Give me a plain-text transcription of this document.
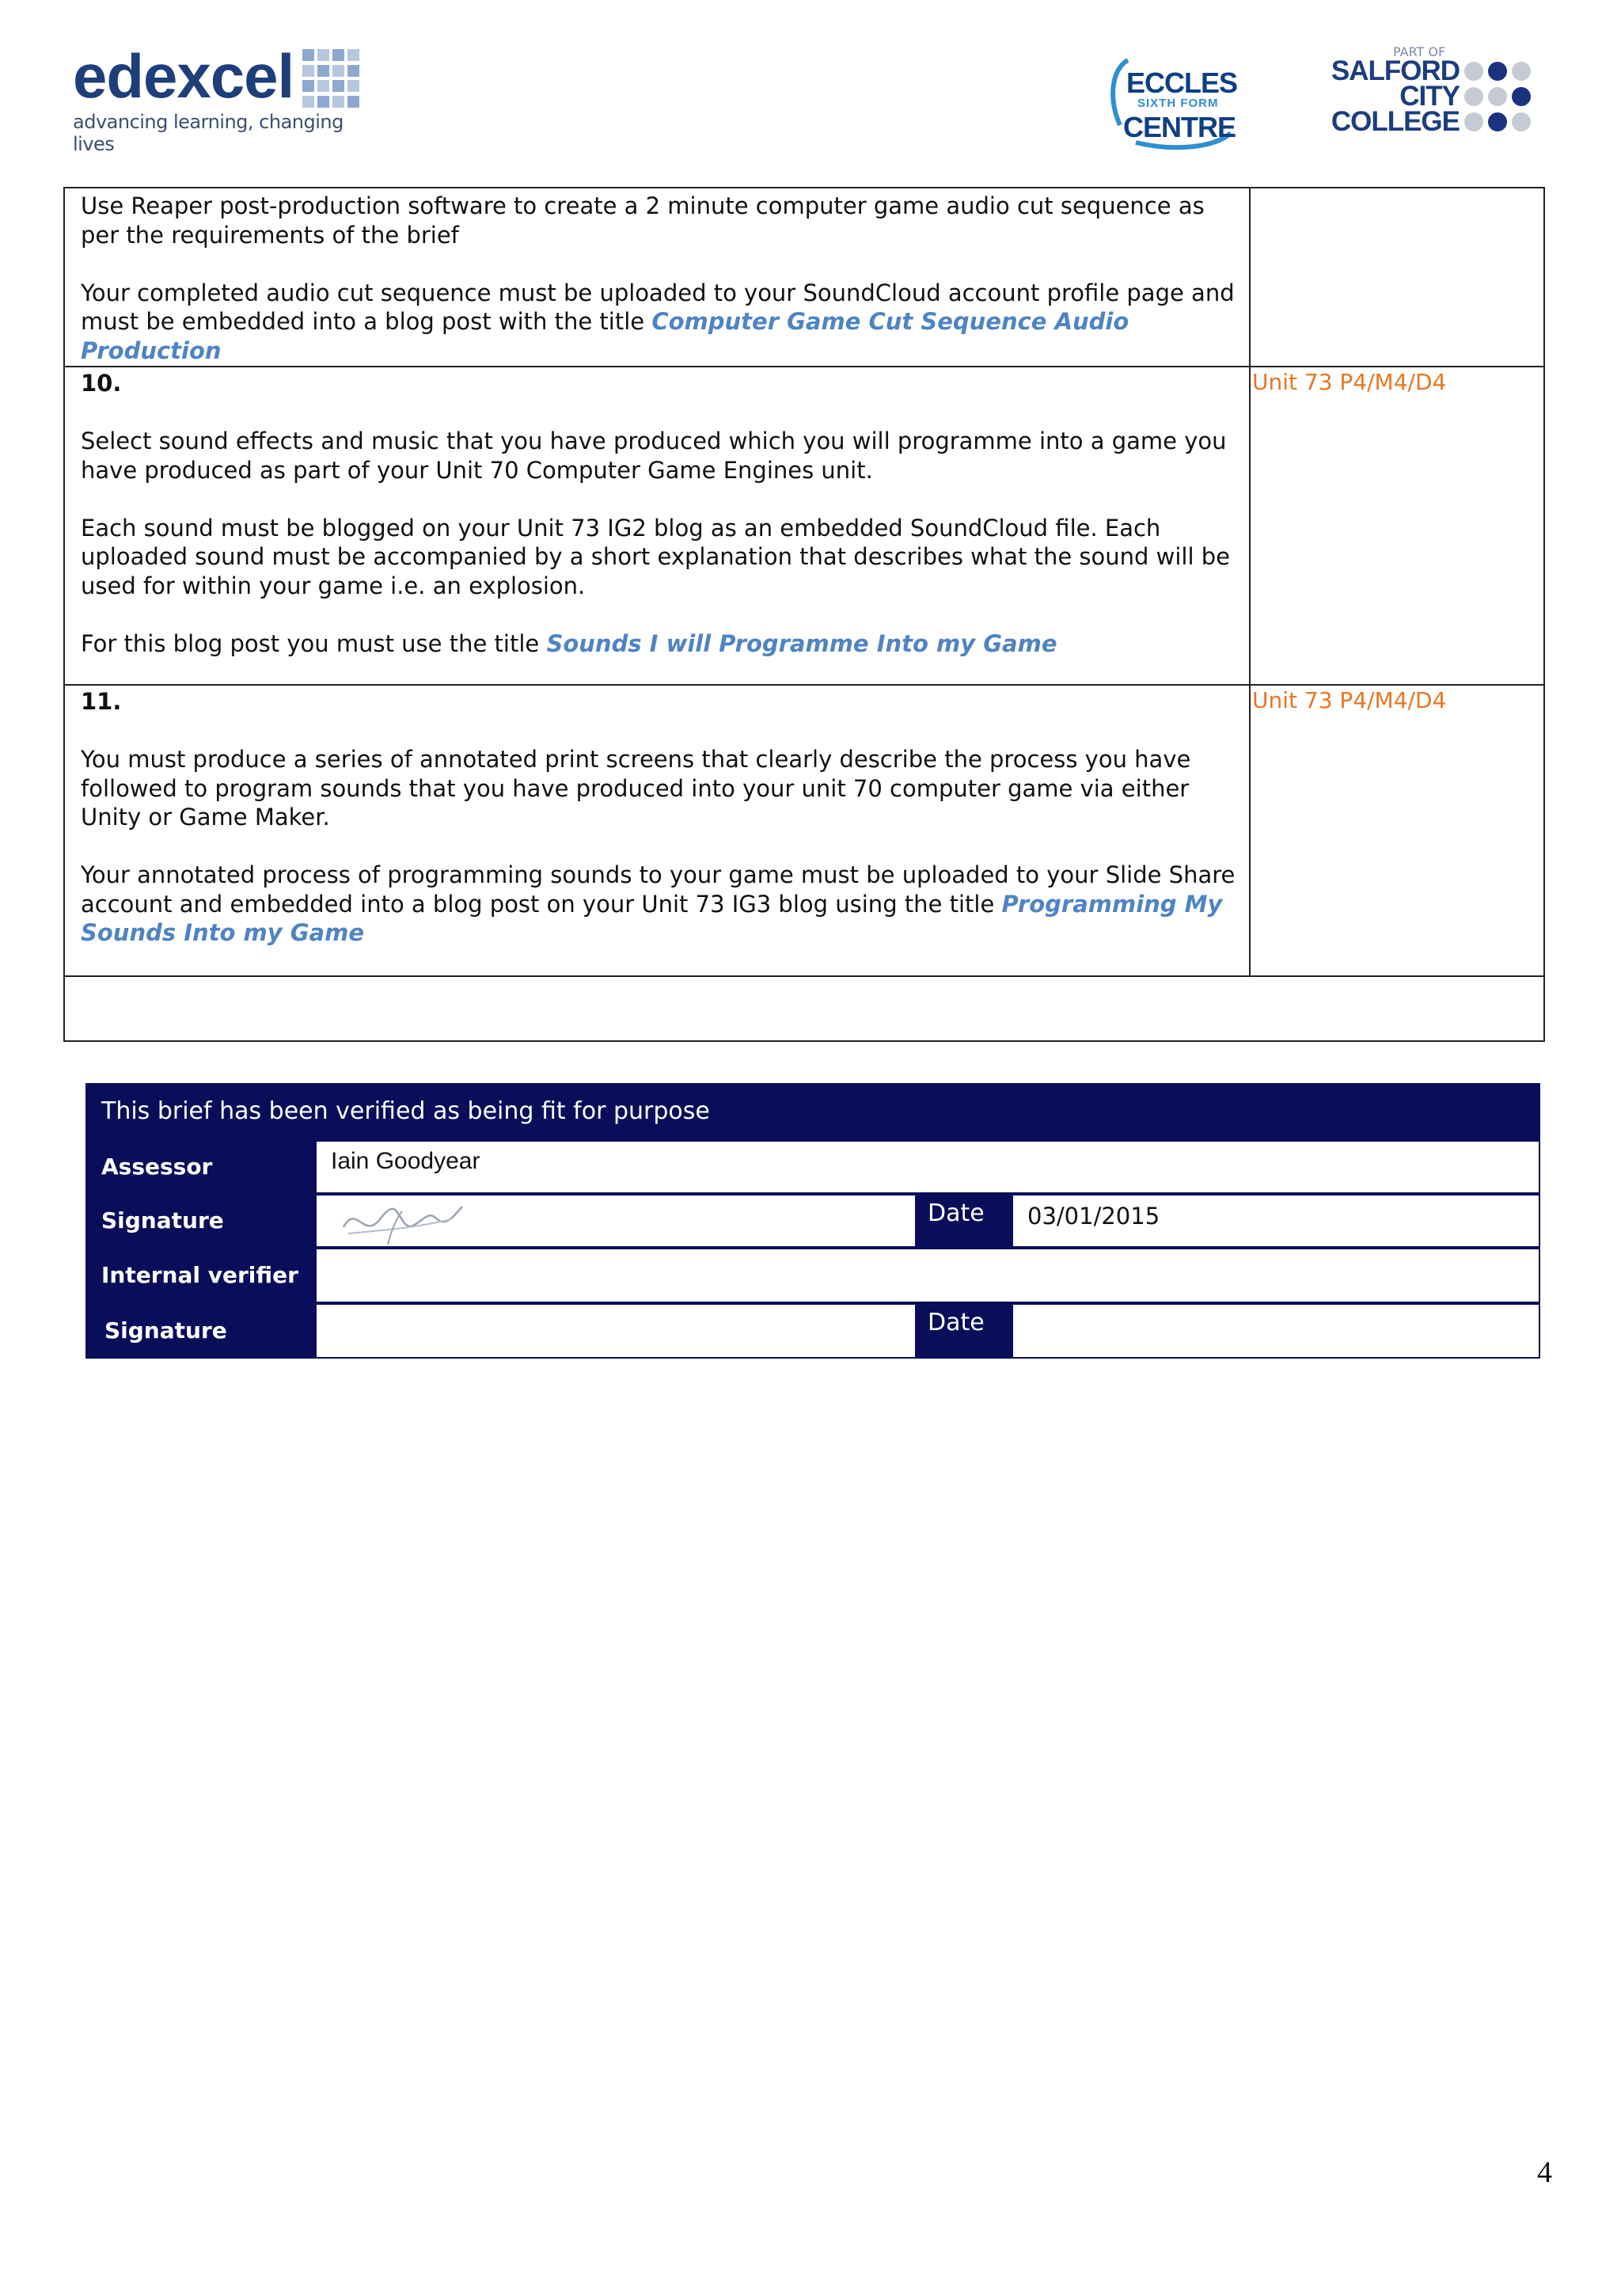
edexcel
advancing learning, changing lives
ECCLES
SIXTH FORM
CENTRE
PART OF
SALFORD
CITY
COLLEGE

Use Reaper post-production software to create a 2 minute computer game audio cut sequence as per the requirements of the brief

Your completed audio cut sequence must be uploaded to your SoundCloud account profile page and must be embedded into a blog post with the title Computer Game Cut Sequence Audio Production

10.

Select sound effects and music that you have produced which you will programme into a game you have produced as part of your Unit 70 Computer Game Engines unit.

Each sound must be blogged on your Unit 73 IG2 blog as an embedded SoundCloud file. Each uploaded sound must be accompanied by a short explanation that describes what the sound will be used for within your game i.e. an explosion.

For this blog post you must use the title Sounds I will Programme Into my Game

Unit 73 P4/M4/D4

11.

You must produce a series of annotated print screens that clearly describe the process you have followed to program sounds that you have produced into your unit 70 computer game via either Unity or Game Maker.

Your annotated process of programming sounds to your game must be uploaded to your Slide Share account and embedded into a blog post on your Unit 73 IG3 blog using the title Programming My Sounds Into my Game

Unit 73 P4/M4/D4
This brief has been verified as being fit for purpose
Assessor	Iain Goodyear
Signature	Date	03/01/2015
Internal verifier
Signature	Date
4
